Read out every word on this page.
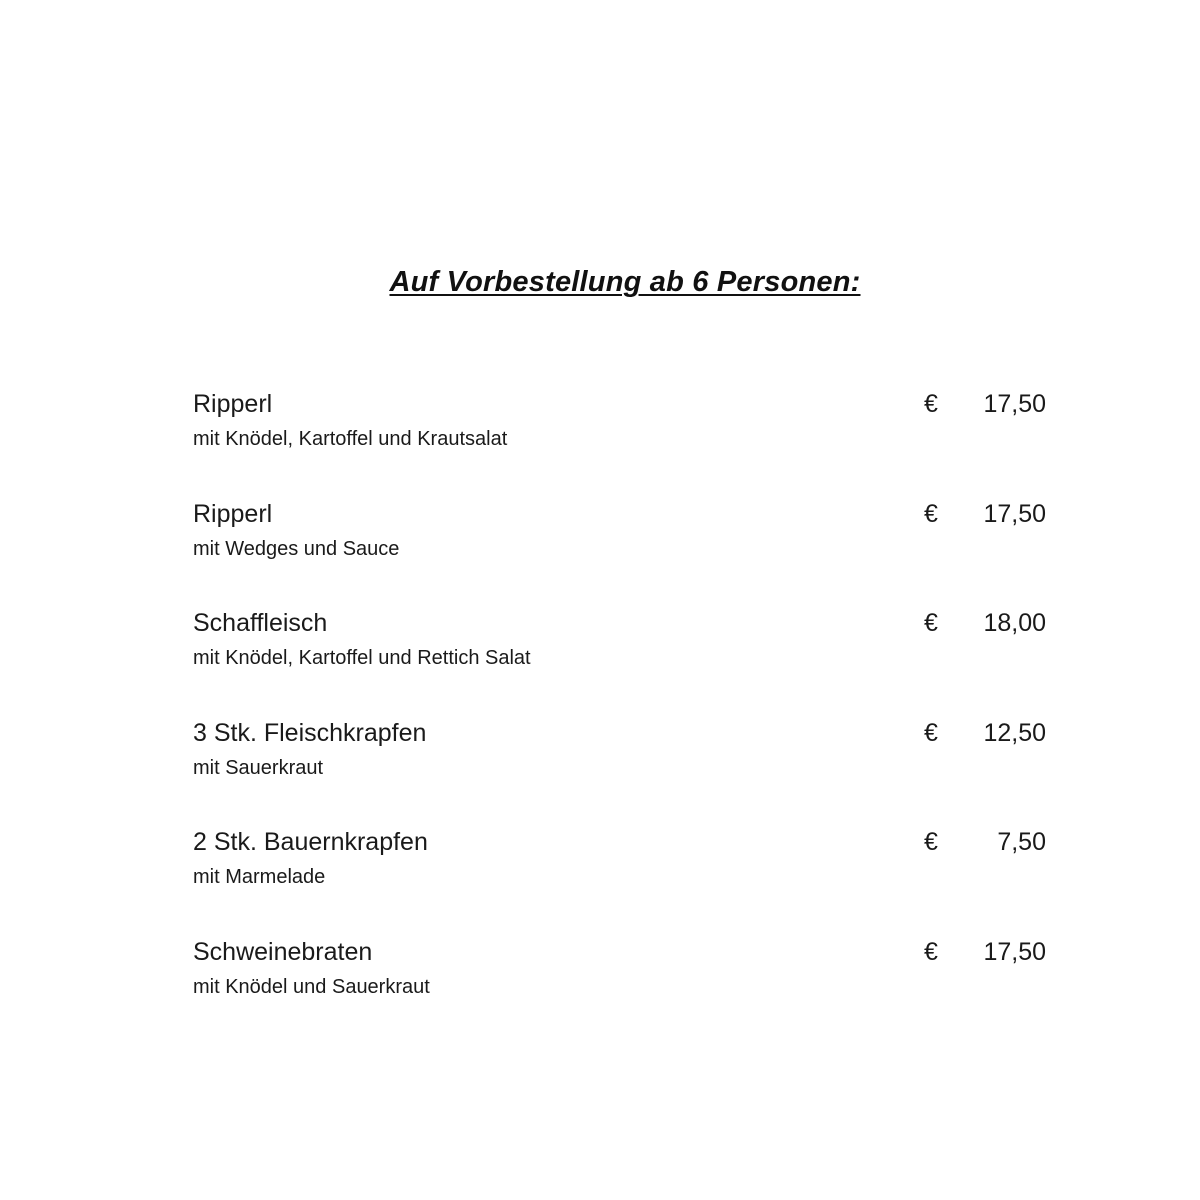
Auf Vorbestellung ab 6 Personen:
Ripperl
mit Knödel, Kartoffel und Krautsalat
€ 17,50
Ripperl
mit Wedges und Sauce
€ 17,50
Schaffleisch
mit Knödel, Kartoffel und Rettich Salat
€ 18,00
3 Stk. Fleischkrapfen
mit Sauerkraut
€ 12,50
2 Stk. Bauernkrapfen
mit Marmelade
€ 7,50
Schweinebraten
mit Knödel und Sauerkraut
€ 17,50
